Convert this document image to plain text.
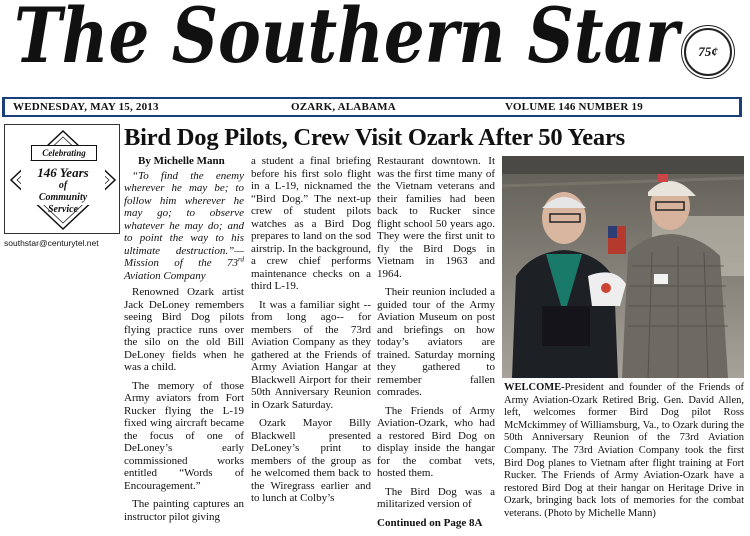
The Southern Star 75¢
WEDNESDAY, MAY 15, 2013	OZARK, ALABAMA	VOLUME 146 NUMBER 19
Celebrating
146 Years
of
Community
Service
southstar@centurytel.net
Bird Dog Pilots, Crew Visit Ozark After 50 Years
By Michelle Mann

“To find the enemy wherever he may be; to follow him wherever he may go; to observe whatever he may do; and to point the way to his ultimate destruction.”—Mission of the 73rd Aviation Company

Renowned Ozark artist Jack DeLoney remembers seeing Bird Dog pilots flying practice runs over the silo on the old Bill DeLoney fields when he was a child.

The memory of those Army aviators from Fort Rucker flying the L-19 fixed wing aircraft became the focus of one of DeLoney’s early commissioned works entitled “Words of Encouragement.”

The painting captures an instructor pilot giving

a student a final briefing before his first solo flight in a L-19, nicknamed the “Bird Dog.” The next-up crew of student pilots watches as a Bird Dog prepares to land on the sod airstrip. In the background, a crew chief performs maintenance checks on a third L-19.

It was a familiar sight --from long ago-- for members of the 73rd Aviation Company as they gathered at the Friends of Army Aviation Hangar at Blackwell Airport for their 50th Anniversary Reunion in Ozark Saturday.

Ozark Mayor Billy Blackwell presented DeLoney’s print to members of the group as he welcomed them back to the Wiregrass earlier and to lunch at Colby’s

Restaurant downtown. It was the first time many of the Vietnam veterans and their families had been back to Rucker since flight school 50 years ago. They were the first unit to fly the Bird Dogs in Vietnam in 1963 and 1964.

Their reunion included a guided tour of the Army Aviation Museum on post and briefings on how today’s aviators are trained. Saturday morning they gathered to remember fallen comrades.

The Friends of Army Aviation-Ozark, who had a restored Bird Dog on display inside the hangar for the combat vets, hosted them.

The Bird Dog was a militarized version of

Continued on Page 8A

WELCOME-President and founder of the Friends of Army Aviation-Ozark Retired Brig. Gen. David Allen, left, welcomes former Bird Dog pilot Ross McMckimmey of Williamsburg, Va., to Ozark during the 50th Anniversary Reunion of the 73rd Aviation Company. The 73rd Aviation Company took the first Bird Dog planes to Vietnam after flight training at Fort Rucker. The Friends of Army Aviation-Ozark have a restored Bird Dog at their hangar on Heritage Drive in Ozark, bringing back lots of memories for the combat veterans. (Photo by Michelle Mann)
